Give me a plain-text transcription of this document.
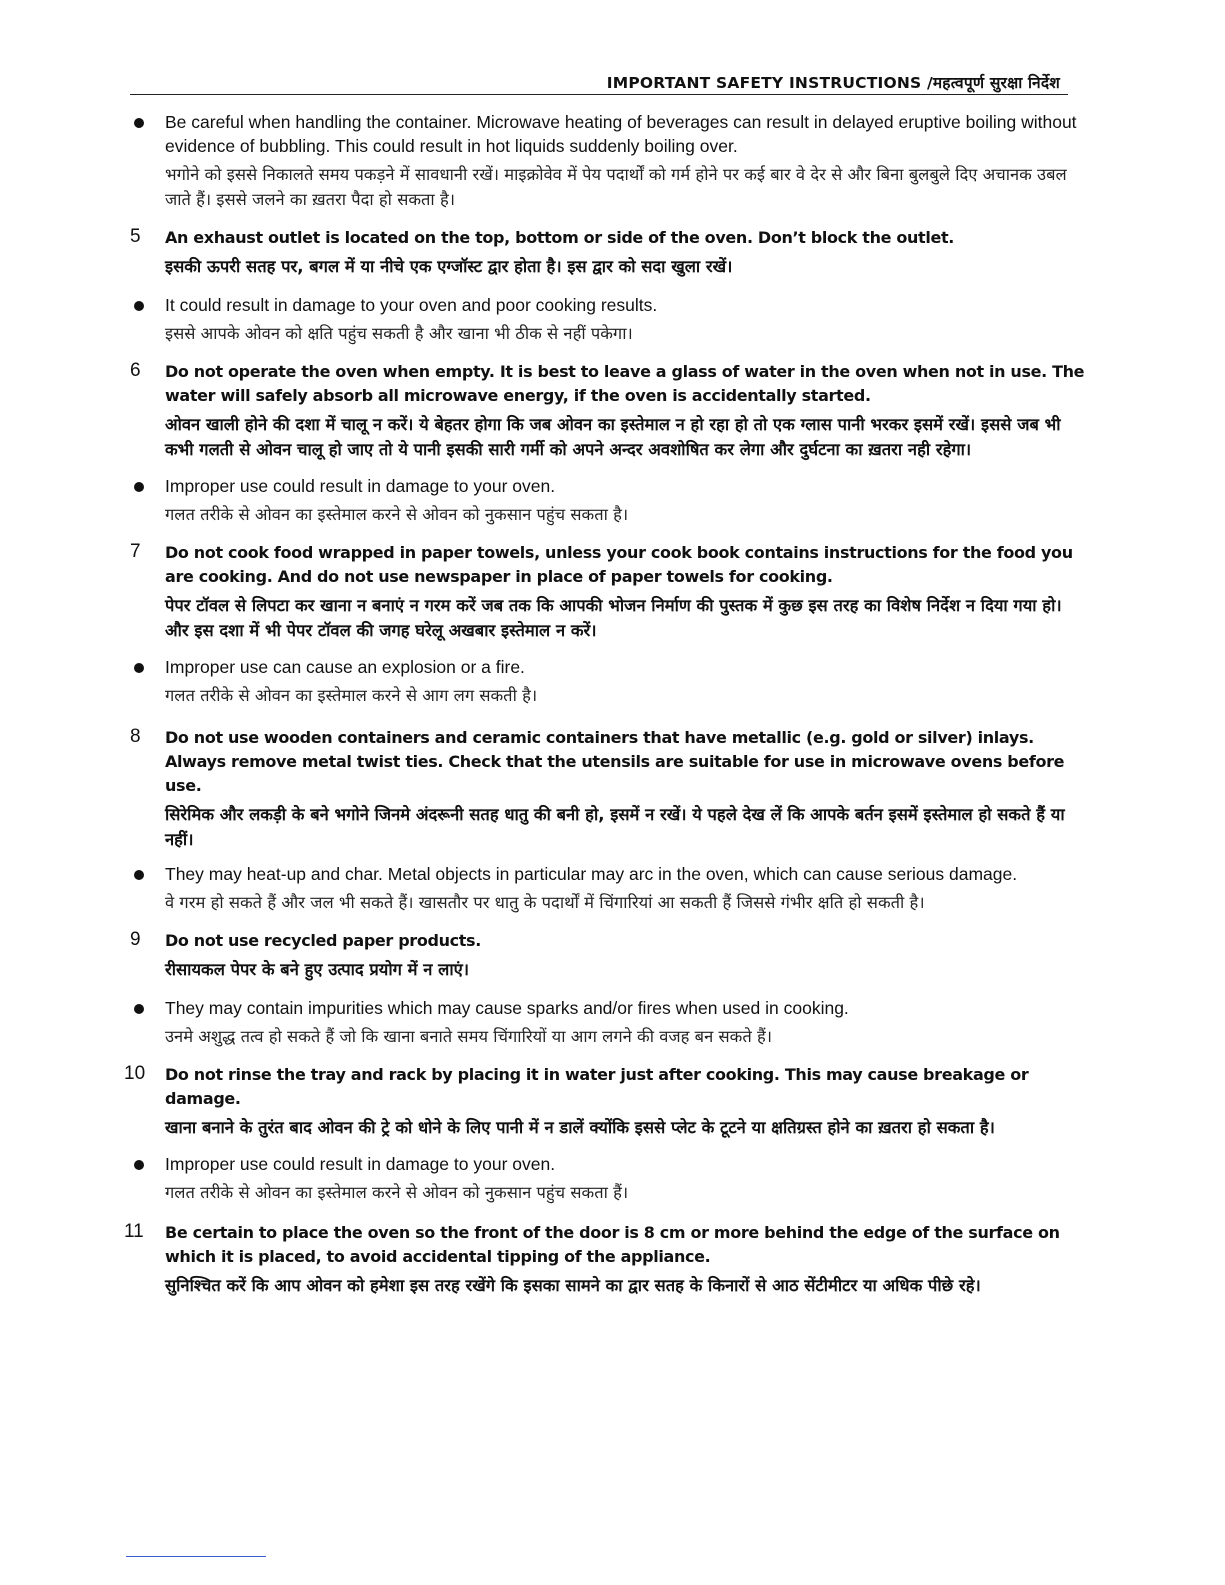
IMPORTANT SAFETY INSTRUCTIONS /महत्वपूर्ण सुरक्षा निर्देश
Be careful when handling the container. Microwave heating of beverages can result in delayed eruptive boiling without evidence of bubbling. This could result in hot liquids suddenly boiling over.
भगोने को इससे निकालते समय पकड़ने में सावधानी रखें। माइक्रोवेव में पेय पदार्थों को गर्म होने पर कई बार वे देर से और बिना बुलबुले दिए अचानक उबल जाते हैं। इससे जलने का ख़तरा पैदा हो सकता है।
5 An exhaust outlet is located on the top, bottom or side of the oven. Don’t block the outlet.
इसकी ऊपरी सतह पर, बगल में या नीचे एक एग्जॉस्ट द्वार होता है। इस द्वार को सदा खुला रखें।
It could result in damage to your oven and poor cooking results.
इससे आपके ओवन को क्षति पहुंच सकती है और खाना भी ठीक से नहीं पकेगा।
6 Do not operate the oven when empty. It is best to leave a glass of water in the oven when not in use. The water will safely absorb all microwave energy, if the oven is accidentally started.
ओवन खाली होने की दशा में चालू न करें। ये बेहतर होगा कि जब ओवन का इस्तेमाल न हो रहा हो तो एक ग्लास पानी भरकर इसमें रखें। इससे जब भी कभी गलती से ओवन चालू हो जाए तो ये पानी इसकी सारी गर्मी को अपने अन्दर अवशोषित कर लेगा और दुर्घटना का ख़तरा नही रहेगा।
Improper use could result in damage to your oven.
गलत तरीके से ओवन का इस्तेमाल करने से ओवन को नुकसान पहुंच सकता है।
7 Do not cook food wrapped in paper towels, unless your cook book contains instructions for the food you are cooking. And do not use newspaper in place of paper towels for cooking.
पेपर टॉवल से लिपटा कर खाना न बनाएं न गरम करें जब तक कि आपकी भोजन निर्माण की पुस्तक में कुछ इस तरह का विशेष निर्देश न दिया गया हो। और इस दशा में भी पेपर टॉवल की जगह घरेलू अखबार इस्तेमाल न करें।
Improper use can cause an explosion or a fire.
गलत तरीके से ओवन का इस्तेमाल करने से आग लग सकती है।
8 Do not use wooden containers and ceramic containers that have metallic (e.g. gold or silver) inlays. Always remove metal twist ties. Check that the utensils are suitable for use in microwave ovens before use.
सिरेमिक और लकड़ी के बने भगोने जिनमे अंदरूनी सतह धातु की बनी हो, इसमें न रखें। ये पहले देख लें कि आपके बर्तन इसमें इस्तेमाल हो सकते हैं या नहीं।
They may heat-up and char. Metal objects in particular may arc in the oven, which can cause serious damage.
वे गरम हो सकते हैं और जल भी सकते हैं। खासतौर पर धातु के पदार्थों में चिंगारियां आ सकती हैं जिससे गंभीर क्षति हो सकती है।
9 Do not use recycled paper products.
रीसायकल पेपर के बने हुए उत्पाद प्रयोग में न लाएं।
They may contain impurities which may cause sparks and/or fires when used in cooking.
उनमे अशुद्ध तत्व हो सकते हैं जो कि खाना बनाते समय चिंगारियों या आग लगने की वजह बन सकते हैं।
10 Do not rinse the tray and rack by placing it in water just after cooking. This may cause breakage or damage.
खाना बनाने के तुरंत बाद ओवन की ट्रे को धोने के लिए पानी में न डालें क्योंकि इससे प्लेट के टूटने या क्षतिग्रस्त होने का ख़तरा हो सकता है।
Improper use could result in damage to your oven.
गलत तरीके से ओवन का इस्तेमाल करने से ओवन को नुकसान पहुंच सकता हैं।
11 Be certain to place the oven so the front of the door is 8 cm or more behind the edge of the surface on which it is placed, to avoid accidental tipping of the appliance.
सुनिश्चित करें कि आप ओवन को हमेशा इस तरह रखेंगे कि इसका सामने का द्वार सतह के किनारों से आठ सेंटीमीटर या अधिक पीछे रहे।
